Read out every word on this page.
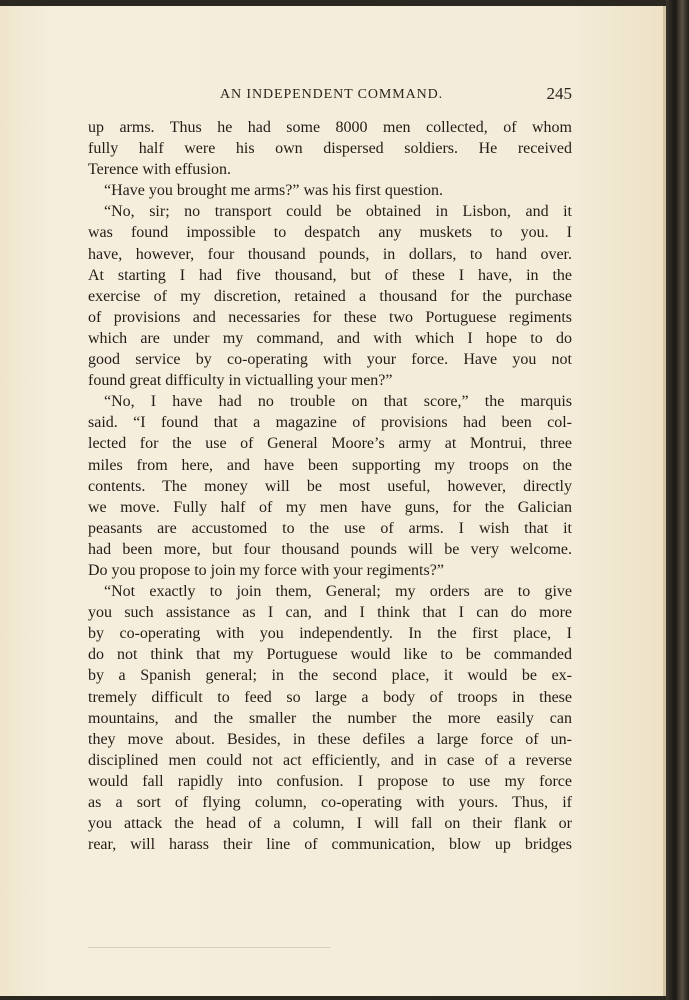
AN INDEPENDENT COMMAND.	245
up arms. Thus he had some 8000 men collected, of whom
fully half were his own dispersed soldiers. He received
Terence with effusion.
“Have you brought me arms?” was his first question.
“No, sir; no transport could be obtained in Lisbon, and it
was found impossible to despatch any muskets to you. I
have, however, four thousand pounds, in dollars, to hand over.
At starting I had five thousand, but of these I have, in the
exercise of my discretion, retained a thousand for the purchase
of provisions and necessaries for these two Portuguese regiments
which are under my command, and with which I hope to do
good service by co-operating with your force. Have you not
found great difficulty in victualling your men?”
“No, I have had no trouble on that score,” the marquis
said. “I found that a magazine of provisions had been col-
lected for the use of General Moore’s army at Montrui, three
miles from here, and have been supporting my troops on the
contents. The money will be most useful, however, directly
we move. Fully half of my men have guns, for the Galician
peasants are accustomed to the use of arms. I wish that it
had been more, but four thousand pounds will be very welcome.
Do you propose to join my force with your regiments?”
“Not exactly to join them, General; my orders are to give
you such assistance as I can, and I think that I can do more
by co-operating with you independently. In the first place, I
do not think that my Portuguese would like to be commanded
by a Spanish general; in the second place, it would be ex-
tremely difficult to feed so large a body of troops in these
mountains, and the smaller the number the more easily can
they move about. Besides, in these defiles a large force of un-
disciplined men could not act efficiently, and in case of a reverse
would fall rapidly into confusion. I propose to use my force
as a sort of flying column, co-operating with yours. Thus, if
you attack the head of a column, I will fall on their flank or
rear, will harass their line of communication, blow up bridges
